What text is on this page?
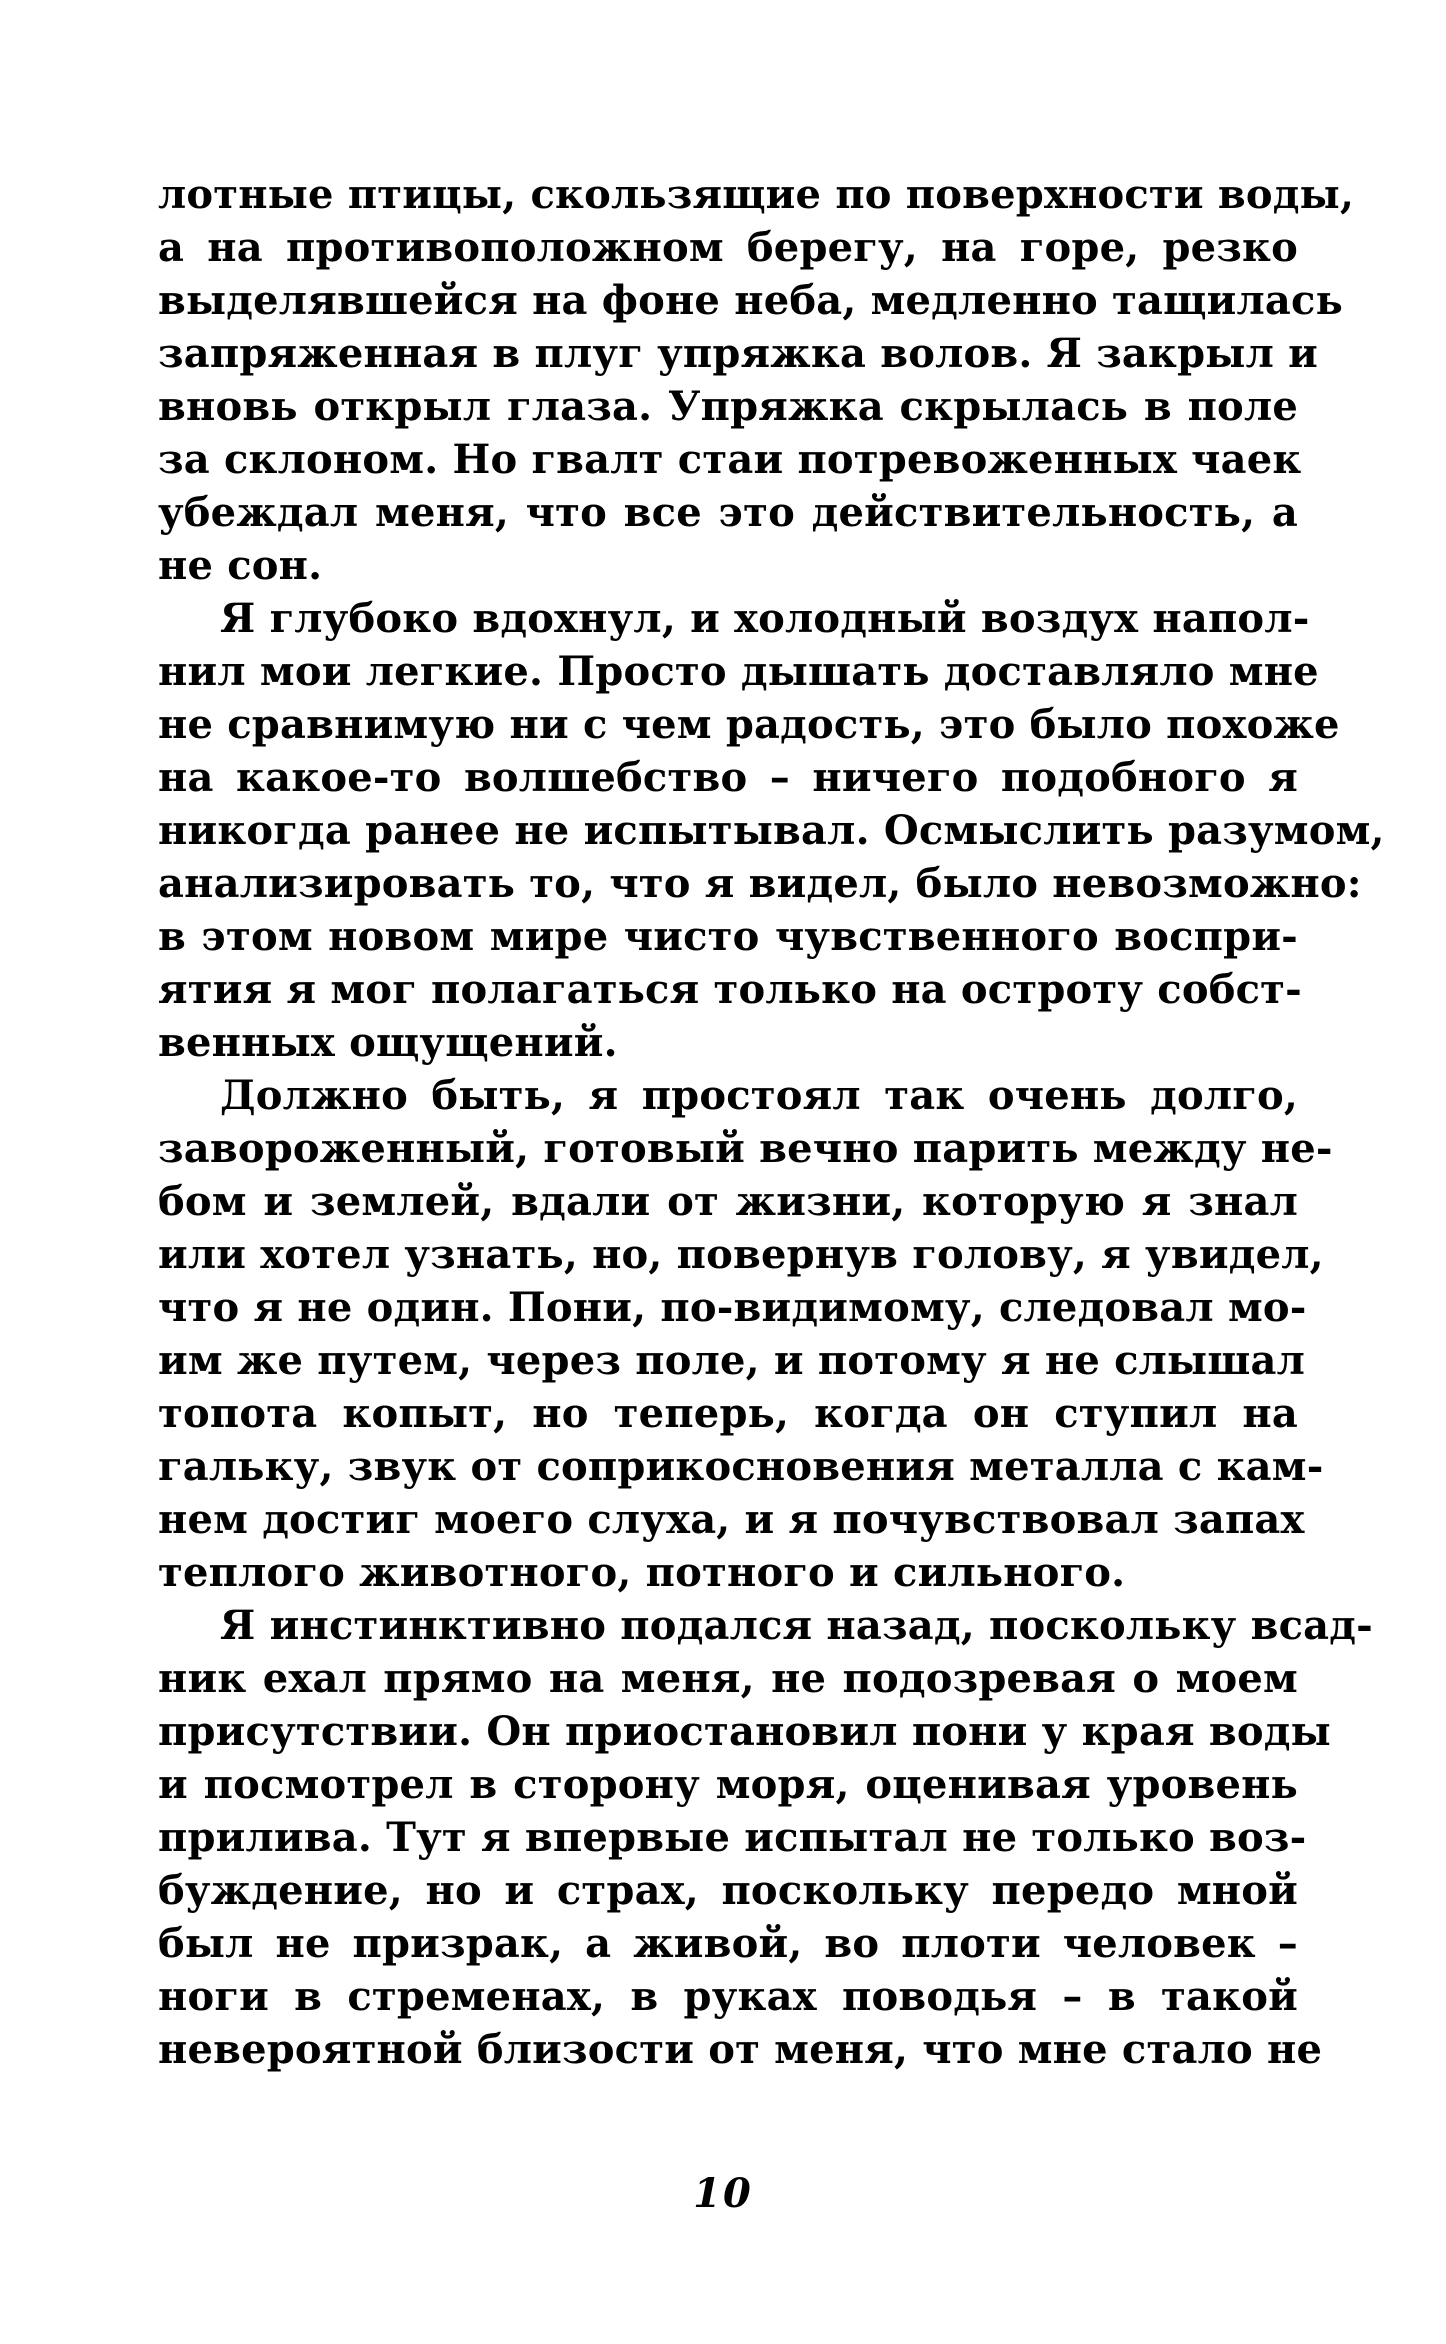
лотные птицы, скользящие по поверхности воды,
а на противоположном берегу, на горе, резко
выделявшейся на фоне неба, медленно тащилась
запряженная в плуг упряжка волов. Я закрыл и
вновь открыл глаза. Упряжка скрылась в поле
за склоном. Но гвалт стаи потревоженных чаек
убеждал меня, что все это действительность, а
не сон.
Я глубоко вдохнул, и холодный воздух напол-
нил мои легкие. Просто дышать доставляло мне
не сравнимую ни с чем радость, это было похоже
на какое-то волшебство – ничего подобного я
никогда ранее не испытывал. Осмыслить разумом,
анализировать то, что я видел, было невозможно:
в этом новом мире чисто чувственного воспри-
ятия я мог полагаться только на остроту собст-
венных ощущений.
Должно быть, я простоял так очень долго,
завороженный, готовый вечно парить между не-
бом и землей, вдали от жизни, которую я знал
или хотел узнать, но, повернув голову, я увидел,
что я не один. Пони, по-видимому, следовал мо-
им же путем, через поле, и потому я не слышал
топота копыт, но теперь, когда он ступил на
гальку, звук от соприкосновения металла с кам-
нем достиг моего слуха, и я почувствовал запах
теплого животного, потного и сильного.
Я инстинктивно подался назад, поскольку всад-
ник ехал прямо на меня, не подозревая о моем
присутствии. Он приостановил пони у края воды
и посмотрел в сторону моря, оценивая уровень
прилива. Тут я впервые испытал не только воз-
буждение, но и страх, поскольку передо мной
был не призрак, а живой, во плоти человек –
ноги в стременах, в руках поводья – в такой
невероятной близости от меня, что мне стало не
10
